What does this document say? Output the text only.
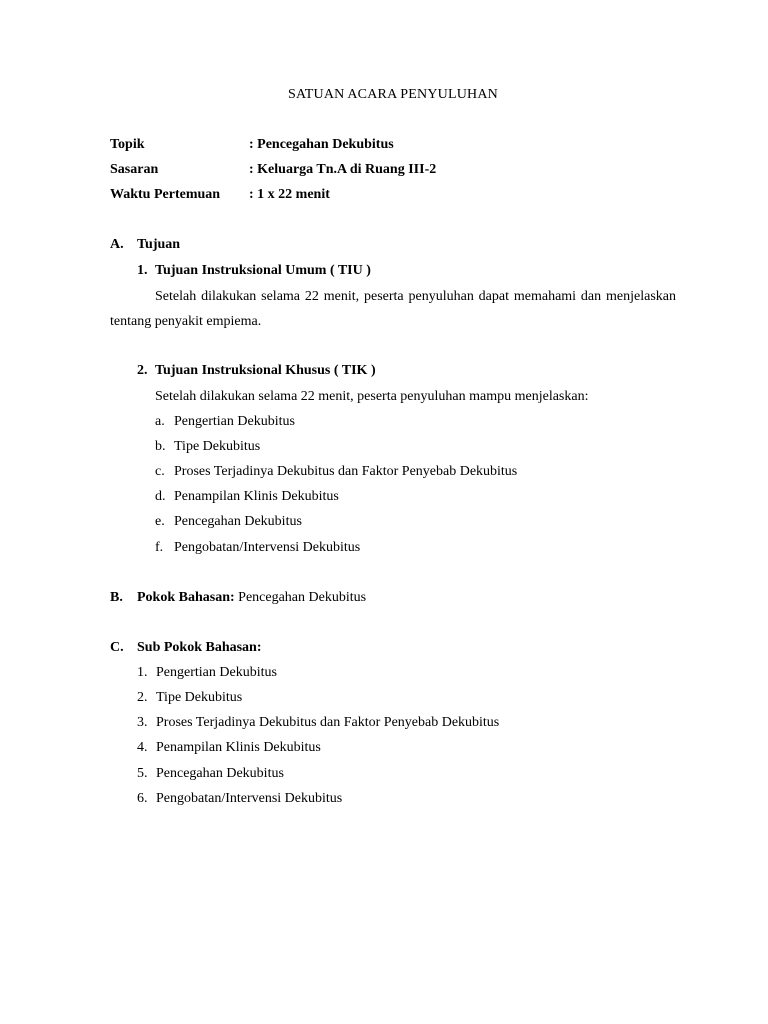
SATUAN ACARA PENYULUHAN
Topik	: Pencegahan Dekubitus
Sasaran	: Keluarga Tn.A di Ruang III-2
Waktu Pertemuan : 1 x 22 menit
A. Tujuan
1. Tujuan Instruksional Umum ( TIU )
Setelah dilakukan selama 22 menit, peserta penyuluhan dapat memahami dan menjelaskan tentang penyakit empiema.
2. Tujuan Instruksional Khusus ( TIK )
Setelah dilakukan selama 22 menit, peserta penyuluhan mampu menjelaskan:
a. Pengertian Dekubitus
b. Tipe Dekubitus
c. Proses Terjadinya Dekubitus dan Faktor Penyebab Dekubitus
d. Penampilan Klinis Dekubitus
e. Pencegahan Dekubitus
f. Pengobatan/Intervensi Dekubitus
B. Pokok Bahasan: Pencegahan Dekubitus
C. Sub Pokok Bahasan:
1. Pengertian Dekubitus
2. Tipe Dekubitus
3. Proses Terjadinya Dekubitus dan Faktor Penyebab Dekubitus
4. Penampilan Klinis Dekubitus
5. Pencegahan Dekubitus
6. Pengobatan/Intervensi Dekubitus
